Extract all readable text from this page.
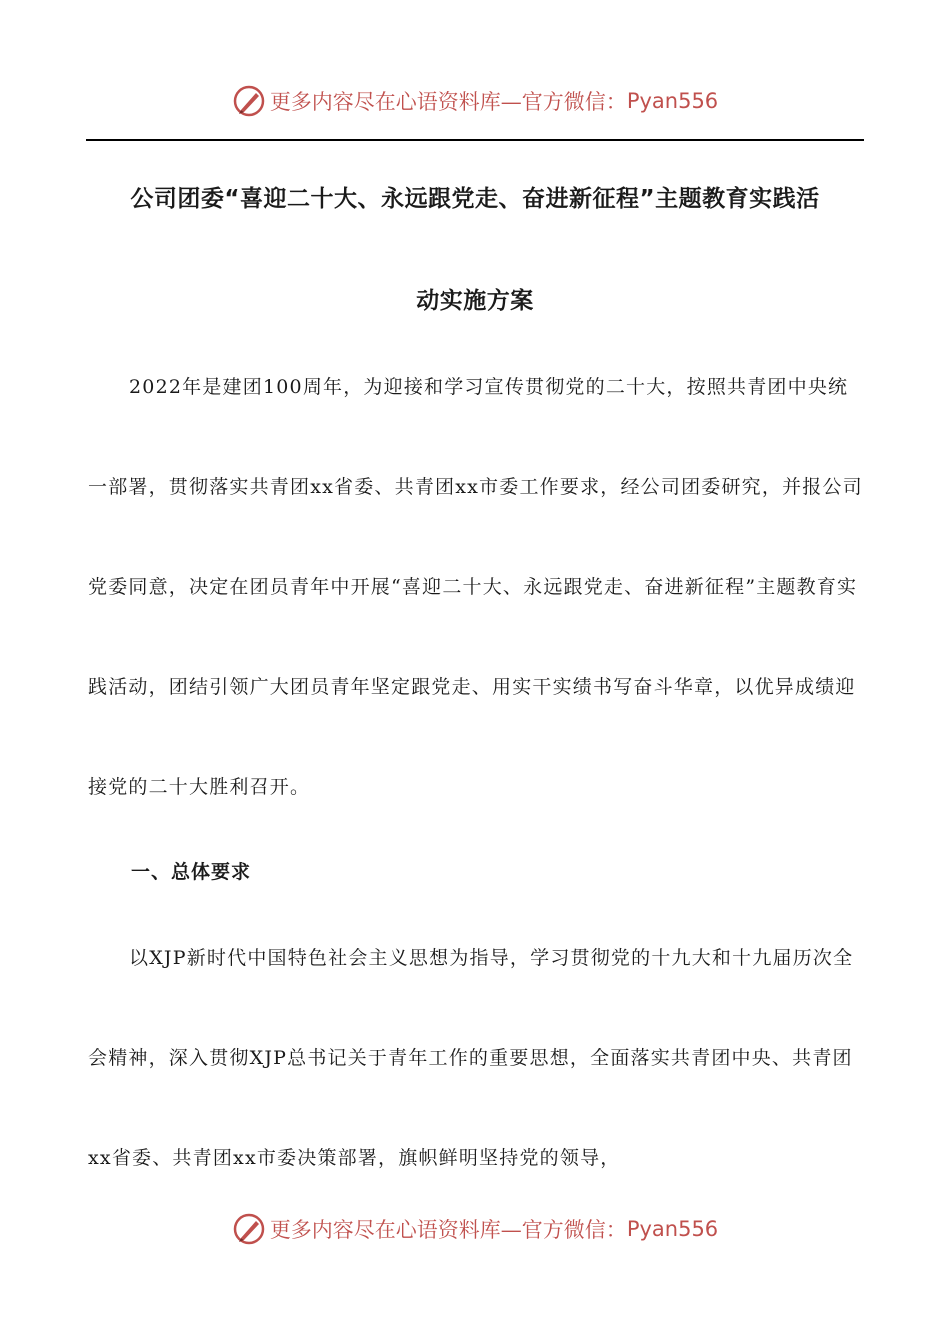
更多内容尽在心语资料库—官方微信： Pyan556
公司团委“喜迎二十大、永远跟党走、奋进新征程”主题教育实践活
动实施方案
2022年是建团100周年，为迎接和学习宣传贯彻党的二十大，按照共青团中央统一部署，贯彻落实共青团xx省委、共青团xx市委工作要求，经公司团委研究，并报公司党委同意，决定在团员青年中开展“喜迎二十大、永远跟党走、奋进新征程”主题教育实践活动，团结引领广大团员青年坚定跟党走、用实干实绩书写奋斗华章，以优异成绩迎接党的二十大胜利召开。
一、总体要求
以XJP新时代中国特色社会主义思想为指导，学习贯彻党的十九大和十九届历次全会精神，深入贯彻XJP总书记关于青年工作的重要思想，全面落实共青团中央、共青团xx省委、共青团xx市委决策部署，旗帜鲜明坚持党的领导，
更多内容尽在心语资料库—官方微信： Pyan556
